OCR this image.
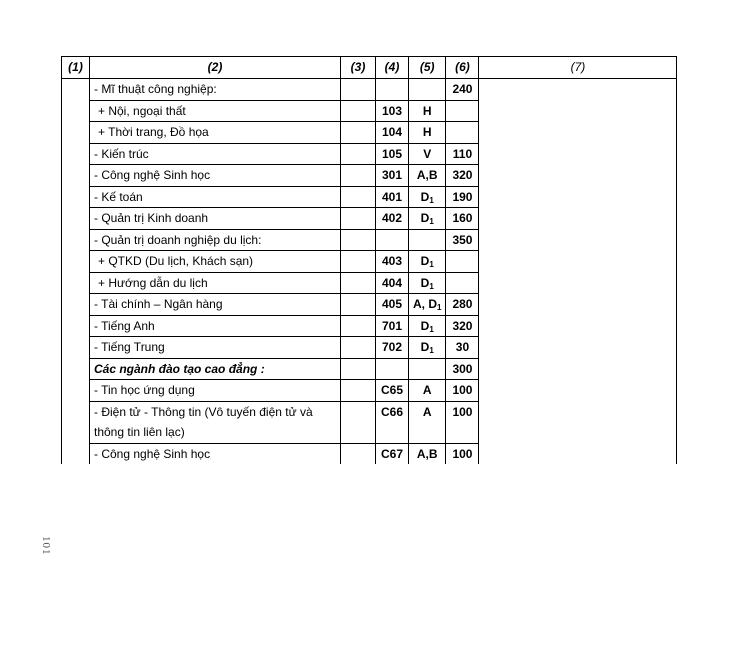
(1)	(2)	(3)	(4)	(5)	(6)	(7)
	- Mĩ thuật công nghiệp:				240	
	+ Nội, ngoại thất		103	H		
	+ Thời trang, Đồ họa		104	H		
	- Kiến trúc		105	V	110	
	- Công nghệ Sinh học		301	A,B	320	
	- Kế toán		401	$D_1$	190	
	- Quản trị Kinh doanh		402	$D_1$	160	
	- Quản trị doanh nghiệp du lịch:				350	
	+ QTKD (Du lịch, Khách sạn)		403	$D_1$		
	+ Hướng dẫn du lịch		404	$D_1$		
	- Tài chính – Ngân hàng		405	A, $D_1$	280	
	- Tiếng Anh		701	$D_1$	320	
	- Tiếng Trung		702	$D_1$	30	
	Các ngành đào tạo cao đẳng :				300	
	- Tin học ứng dụng		C65	A	100	
	- Điện tử - Thông tin (Vô tuyến điện tử và thông tin liên lạc)		C66	A	100	
	- Công nghệ Sinh học		C67	A,B	100	
101
